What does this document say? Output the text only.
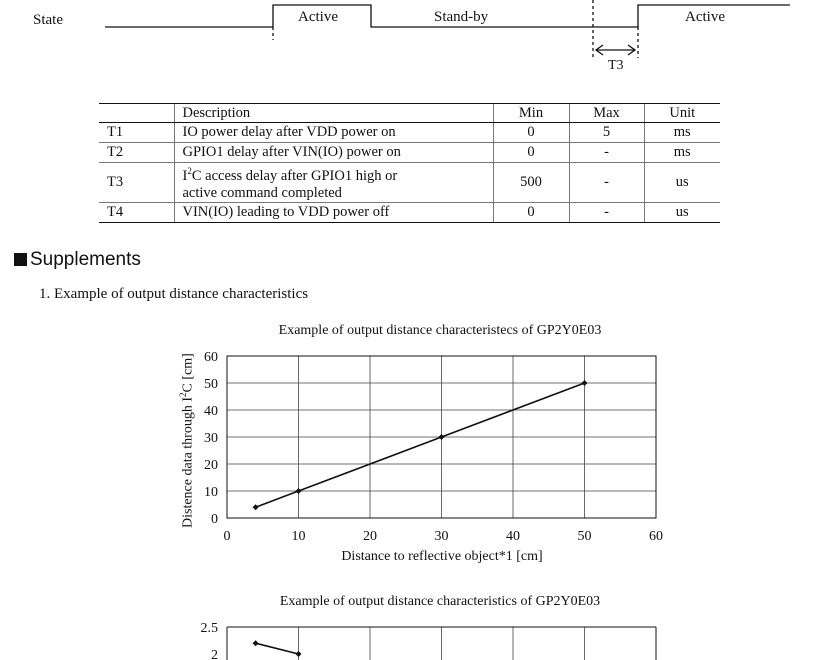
State	Active	Stand-by	Active
T3
	Description	Min	Max	Unit
T1	IO power delay after VDD power on	0	5	ms
T2	GPIO1 delay after VIN(IO) power on	0	-	ms
T3	$I^2C$ access delay after GPIO1 high or
active command completed	500	-	us
T4	VIN(IO) leading to VDD power off	0	-	us
Supplements
1. Example of output distance characteristics
Example of output distance characteristecs of GP2Y0E03
Distence data through $I^2C$ [cm]
Distance to reflective object*1 [cm]
0	10	20	30	40	50	60
0
10
20
30
40
50
60
Example of output distance characteristics of GP2Y0E03
2.5
2
